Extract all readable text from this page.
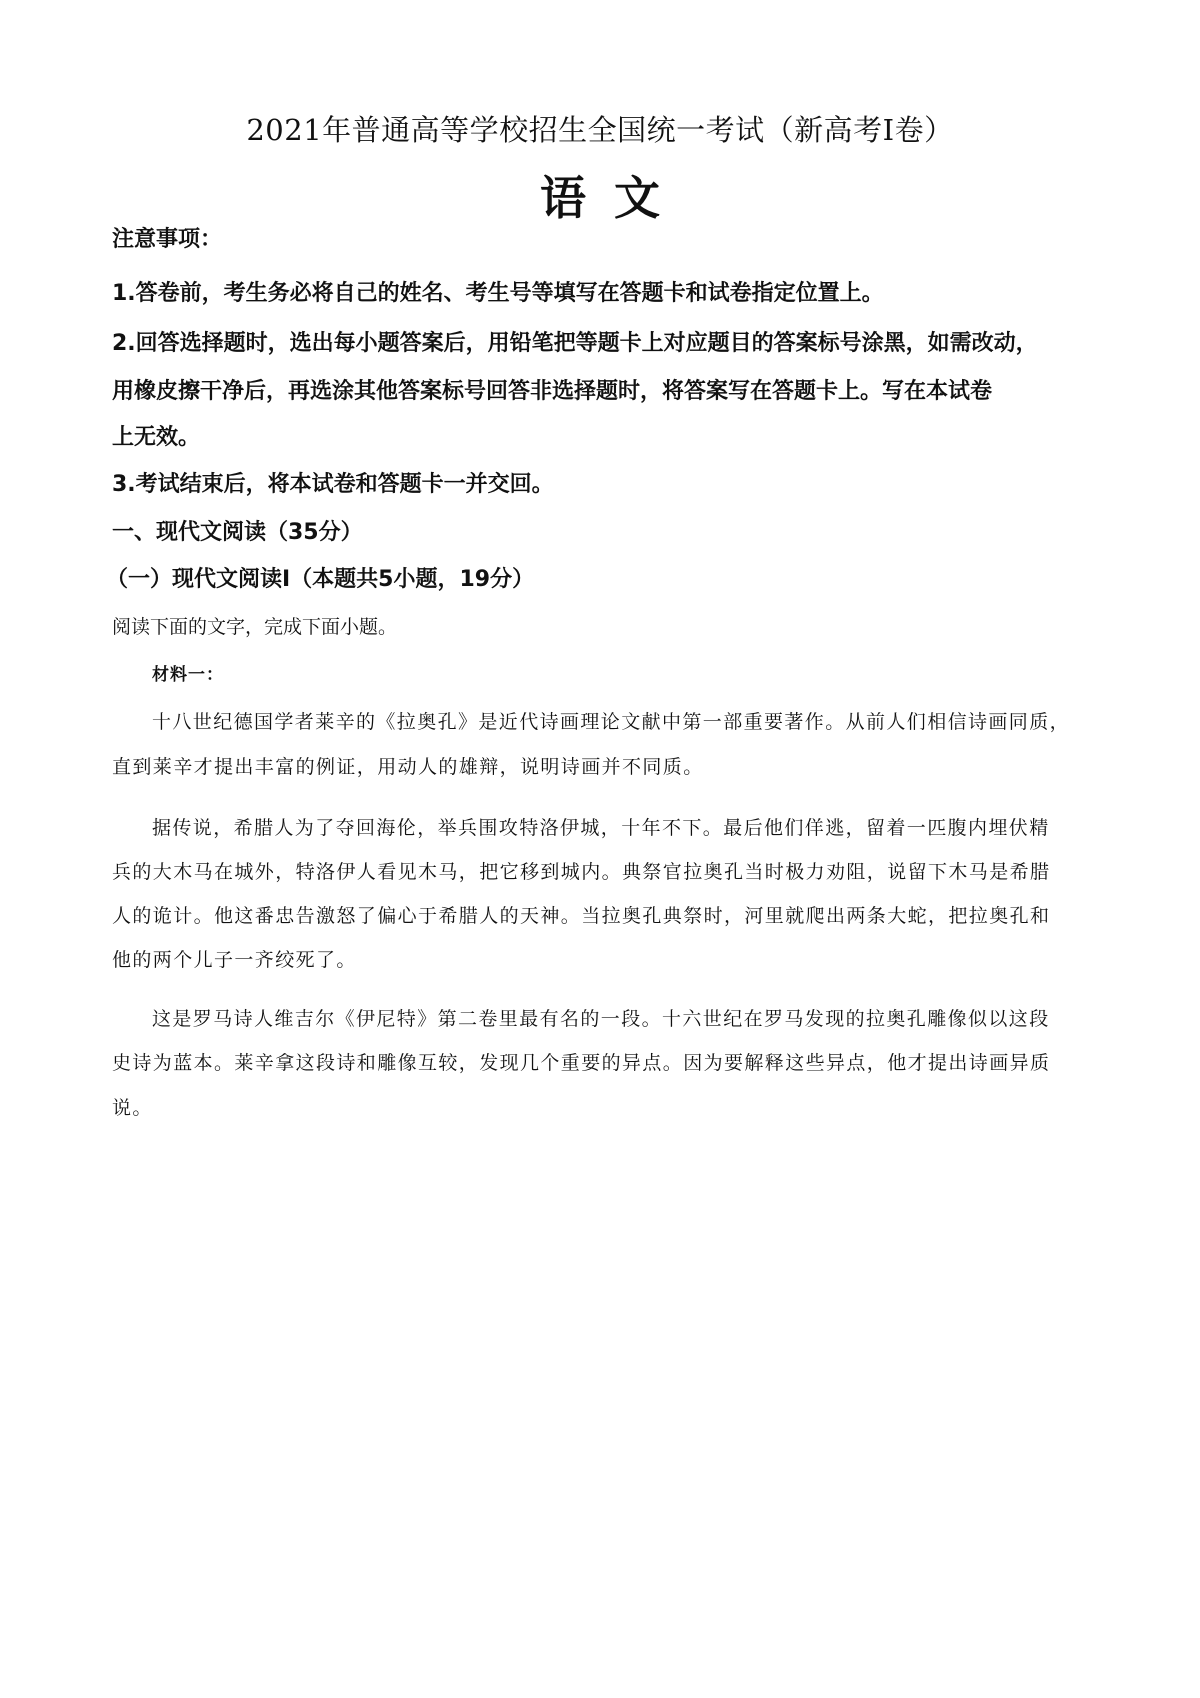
2021年普通高等学校招生全国统一考试（新高考Ⅰ卷）
语文
注意事项：
1.答卷前，考生务必将自己的姓名、考生号等填写在答题卡和试卷指定位置上。
2.回答选择题时，选出每小题答案后，用铅笔把等题卡上对应题目的答案标号涂黑，如需改动，
用橡皮擦干净后，再选涂其他答案标号回答非选择题时，将答案写在答题卡上。写在本试卷
上无效。
3.考试结束后，将本试卷和答题卡一并交回。
一、现代文阅读（35分）
（一）现代文阅读Ⅰ（本题共5小题，19分）
阅读下面的文字，完成下面小题。
材料一：
十八世纪德国学者莱辛的《拉奥孔》是近代诗画理论文献中第一部重要著作。从前人们相信诗画同质，
直到莱辛才提出丰富的例证，用动人的雄辩，说明诗画并不同质。
据传说，希腊人为了夺回海伦，举兵围攻特洛伊城，十年不下。最后他们佯逃，留着一匹腹内埋伏精
兵的大木马在城外，特洛伊人看见木马，把它移到城内。典祭官拉奥孔当时极力劝阻，说留下木马是希腊
人的诡计。他这番忠告激怒了偏心于希腊人的天神。当拉奥孔典祭时，河里就爬出两条大蛇，把拉奥孔和
他的两个儿子一齐绞死了。
这是罗马诗人维吉尔《伊尼特》第二卷里最有名的一段。十六世纪在罗马发现的拉奥孔雕像似以这段
史诗为蓝本。莱辛拿这段诗和雕像互较，发现几个重要的异点。因为要解释这些异点，他才提出诗画异质
说。
